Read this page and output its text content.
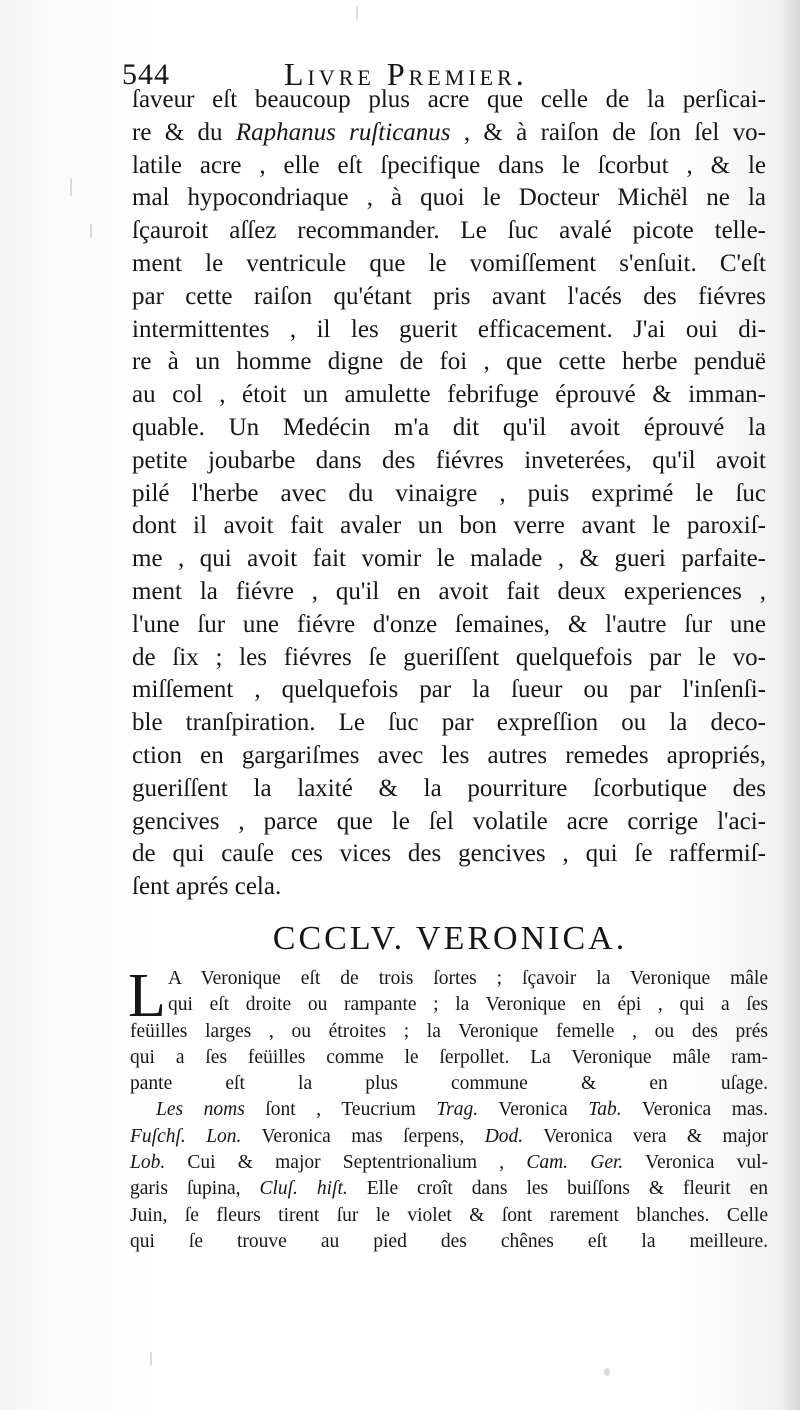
544	Livre Premier.
ſaveur eſt beaucoup plus acre que celle de la perſicai-
re & du Raphanus ruſticanus , & à raiſon de ſon ſel vo-
latile acre , elle eſt ſpecifique dans le ſcorbut , & le
mal hypocondriaque , à quoi le Docteur Michël ne la
ſçauroit aſſez recommander. Le ſuc avalé picote telle-
ment le ventricule que le vomiſſement s'enſuit. C'eſt
par cette raiſon qu'étant pris avant l'acés des fiévres
intermittentes , il les guerit efficacement. J'ai oui di-
re à un homme digne de foi , que cette herbe penduë
au col , étoit un amulette febrifuge éprouvé & imman-
quable. Un Medécin m'a dit qu'il avoit éprouvé la
petite joubarbe dans des fiévres inveterées, qu'il avoit
pilé l'herbe avec du vinaigre , puis exprimé le ſuc
dont il avoit fait avaler un bon verre avant le paroxiſ-
me , qui avoit fait vomir le malade , & gueri parfaite-
ment la fiévre , qu'il en avoit fait deux experiences ,
l'une ſur une fiévre d'onze ſemaines, & l'autre ſur une
de ſix ; les fiévres ſe gueriſſent quelquefois par le vo-
miſſement , quelquefois par la ſueur ou par l'inſenſi-
ble tranſpiration. Le ſuc par expreſſion ou la deco-
ction en gargariſmes avec les autres remedes apropriés,
gueriſſent la laxité & la pourriture ſcorbutique des
gencives , parce que le ſel volatile acre corrige l'aci-
de qui cauſe ces vices des gencives , qui ſe raffermiſ-
ſent aprés cela.
CCCLV. VERONICA.
L A Veronique eſt de trois ſortes ; ſçavoir la Veronique mâle
qui eſt droite ou rampante ; la Veronique en épi , qui a ſes
feüilles larges , ou étroites ; la Veronique femelle , ou des prés
qui a ſes feüilles comme le ſerpollet. La Veronique mâle ram-
pante eſt la plus commune & en uſage.
Les noms ſont , Teucrium Trag. Veronica Tab. Veronica mas.
Fuſchſ. Lon. Veronica mas ſerpens, Dod. Veronica vera & major
Lob. Cui & major Septentrionalium , Cam. Ger. Veronica vul-
garis ſupina, Cluſ. hiſt. Elle croît dans les buiſſons & fleurit en
Juin, ſe fleurs tirent ſur le violet & ſont rarement blanches. Celle
qui ſe trouve au pied des chênes eſt la meilleure.
